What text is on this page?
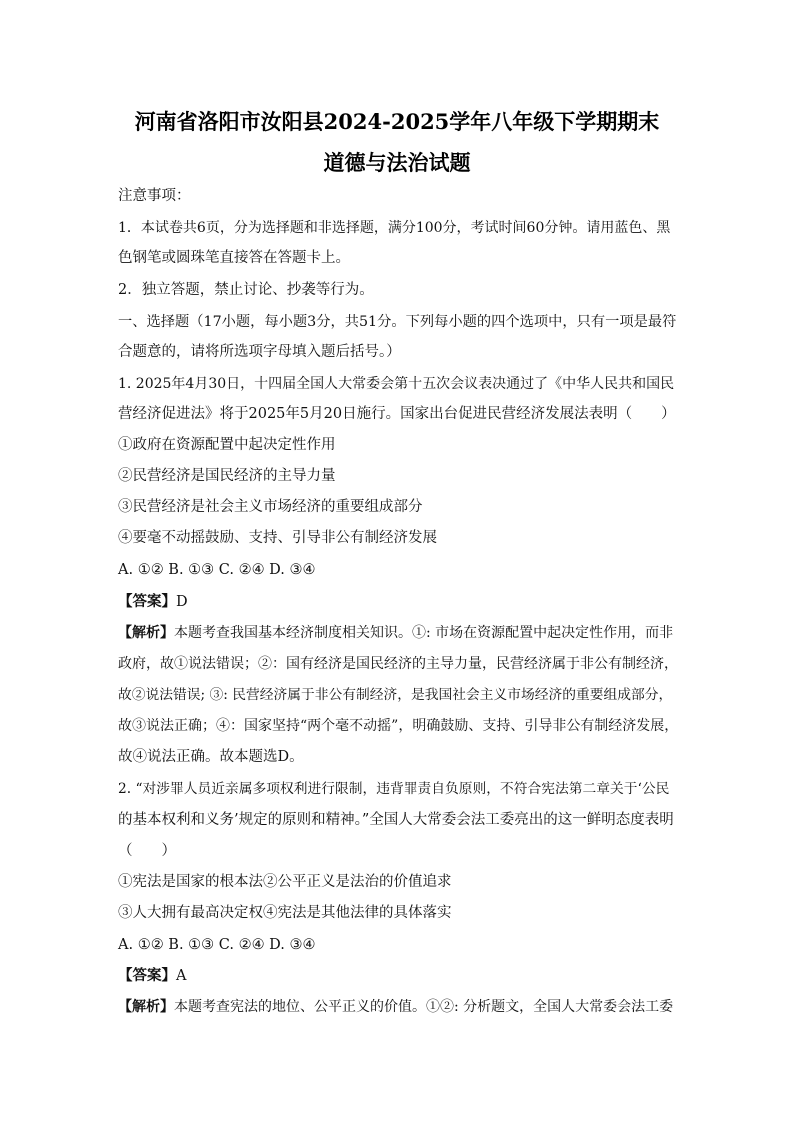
河南省洛阳市汝阳县2024-2025学年八年级下学期期末
道德与法治试题
注意事项：
1．本试卷共6页，分为选择题和非选择题，满分100分，考试时间60分钟。请用蓝色、黑
色钢笔或圆珠笔直接答在答题卡上。
2．独立答题，禁止讨论、抄袭等行为。
一、选择题（17小题，每小题3分，共51分。下列每小题的四个选项中，只有一项是最符
合题意的，请将所选项字母填入题后括号。）
1. 2025年4月30日，十四届全国人大常委会第十五次会议表决通过了《中华人民共和国民
营经济促进法》将于2025年5月20日施行。国家出台促进民营经济发展法表明（　　）
①政府在资源配置中起决定性作用
②民营经济是国民经济的主导力量
③民营经济是社会主义市场经济的重要组成部分
④要毫不动摇鼓励、支持、引导非公有制经济发展
A. ①② B. ①③ C. ②④ D. ③④
【答案】D
【解析】本题考查我国基本经济制度相关知识。①: 市场在资源配置中起决定性作用，而非
政府，故①说法错误；②：国有经济是国民经济的主导力量，民营经济属于非公有制经济，
故②说法错误; ③: 民营经济属于非公有制经济，是我国社会主义市场经济的重要组成部分，
故③说法正确；④：国家坚持“两个毫不动摇”，明确鼓励、支持、引导非公有制经济发展，
故④说法正确。故本题选D。
2. “对涉罪人员近亲属多项权利进行限制，违背罪责自负原则，不符合宪法第二章关于‘公民
的基本权利和义务’规定的原则和精神。”全国人大常委会法工委亮出的这一鲜明态度表明
（　　）
①宪法是国家的根本法②公平正义是法治的价值追求
③人大拥有最高决定权④宪法是其他法律的具体落实
A. ①② B. ①③ C. ②④ D. ③④
【答案】A
【解析】本题考查宪法的地位、公平正义的价值。①②: 分析题文，全国人大常委会法工委
